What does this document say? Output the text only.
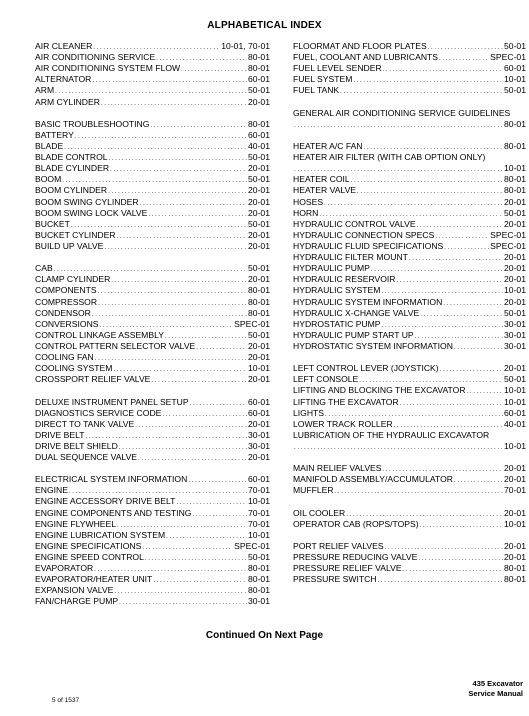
ALPHABETICAL INDEX
AIR CLEANER . . .	10-01, 70-01
AIR CONDITIONING SERVICE . . .	80-01
AIR CONDITIONING SYSTEM FLOW . . .	80-01
ALTERNATOR . . .	60-01
ARM . . .	50-01
ARM CYLINDER . . .	20-01
BASIC TROUBLESHOOTING . . .	80-01
BATTERY . . .	60-01
BLADE . . .	40-01
BLADE CONTROL . . .	50-01
BLADE CYLINDER . . .	20-01
BOOM . . .	50-01
BOOM CYLINDER . . .	20-01
BOOM SWING CYLINDER . . .	20-01
BOOM SWING LOCK VALVE . . .	20-01
BUCKET . . .	50-01
BUCKET CYLINDER . . .	20-01
BUILD UP VALVE . . .	20-01
CAB . . .	50-01
CLAMP CYLINDER . . .	20-01
COMPONENTS . . .	80-01
COMPRESSOR . . .	80-01
CONDENSOR . . .	80-01
CONVERSIONS . . .	SPEC-01
CONTROL LINKAGE ASSEMBLY . . .	50-01
CONTROL PATTERN SELECTOR VALVE . . .	20-01
COOLING FAN . . .	20-01
COOLING SYSTEM . . .	10-01
CROSSPORT RELIEF VALVE . . .	20-01
DELUXE INSTRUMENT PANEL SETUP . . .	60-01
DIAGNOSTICS SERVICE CODE . . .	60-01
DIRECT TO TANK VALVE . . .	20-01
DRIVE BELT . . .	30-01
DRIVE BELT SHIELD . . .	30-01
DUAL SEQUENCE VALVE . . .	20-01
ELECTRICAL SYSTEM INFORMATION . . .	60-01
ENGINE . . .	70-01
ENGINE ACCESSORY DRIVE BELT . . .	10-01
ENGINE COMPONENTS AND TESTING . . .	70-01
ENGINE FLYWHEEL . . .	70-01
ENGINE LUBRICATION SYSTEM . . .	10-01
ENGINE SPECIFICATIONS . . .	SPEC-01
ENGINE SPEED CONTROL . . .	50-01
EVAPORATOR . . .	80-01
EVAPORATOR/HEATER UNIT . . .	80-01
EXPANSION VALVE . . .	80-01
FAN/CHARGE PUMP . . .	30-01
FLOORMAT AND FLOOR PLATES . . .	50-01
FUEL, COOLANT AND LUBRICANTS . . .	SPEC-01
FUEL LEVEL SENDER . . .	60-01
FUEL SYSTEM . . .	10-01
FUEL TANK . . .	50-01
GENERAL AIR CONDITIONING SERVICE GUIDELINES
. . .
80-01
HEATER A/C FAN . . .	80-01
HEATER AIR FILTER (WITH CAB OPTION ONLY)
. . .
10-01
HEATER COIL . . .	80-01
HEATER VALVE . . .	80-01
HOSES . . .	20-01
HORN . . .	50-01
HYDRAULIC CONTROL VALVE . . .	20-01
HYDRAULIC CONNECTION SPECS . . .	SPEC-01
HYDRAULIC FLUID SPECIFICATIONS . . .	SPEC-01
HYDRAULIC FILTER MOUNT . . .	20-01
HYDRAULIC PUMP . . .	20-01
HYDRAULIC RESERVOIR . . .	20-01
HYDRAULIC SYSTEM . . .	10-01
HYDRAULIC SYSTEM INFORMATION . . .	20-01
HYDRAULIC X-CHANGE VALVE . . .	50-01
HYDROSTATIC PUMP . . .	30-01
HYDRAULIC PUMP START UP . . .	30-01
HYDROSTATIC SYSTEM INFORMATION . . .	30-01
LEFT CONTROL LEVER (JOYSTICK) . . .	20-01
LEFT CONSOLE . . .	50-01
LIFTING AND BLOCKING THE EXCAVATOR . . .	10-01
LIFTING THE EXCAVATOR . . .	10-01
LIGHTS . . .	60-01
LOWER TRACK ROLLER . . .	40-01
LUBRICATION OF THE HYDRAULIC EXCAVATOR
. . .
10-01
MAIN RELIEF VALVES . . .	20-01
MANIFOLD ASSEMBLY/ACCUMULATOR . . .	20-01
MUFFLER . . .	70-01
OIL COOLER . . .	20-01
OPERATOR CAB (ROPS/TOPS) . . .	10-01
PORT RELIEF VALVES . . .	20-01
PRESSURE REDUCING VALVE . . .	20-01
PRESSURE RELIEF VALVE . . .	80-01
PRESSURE SWITCH . . .	80-01
Continued On Next Page
435 Excavator
Service Manual
5 of 1537
